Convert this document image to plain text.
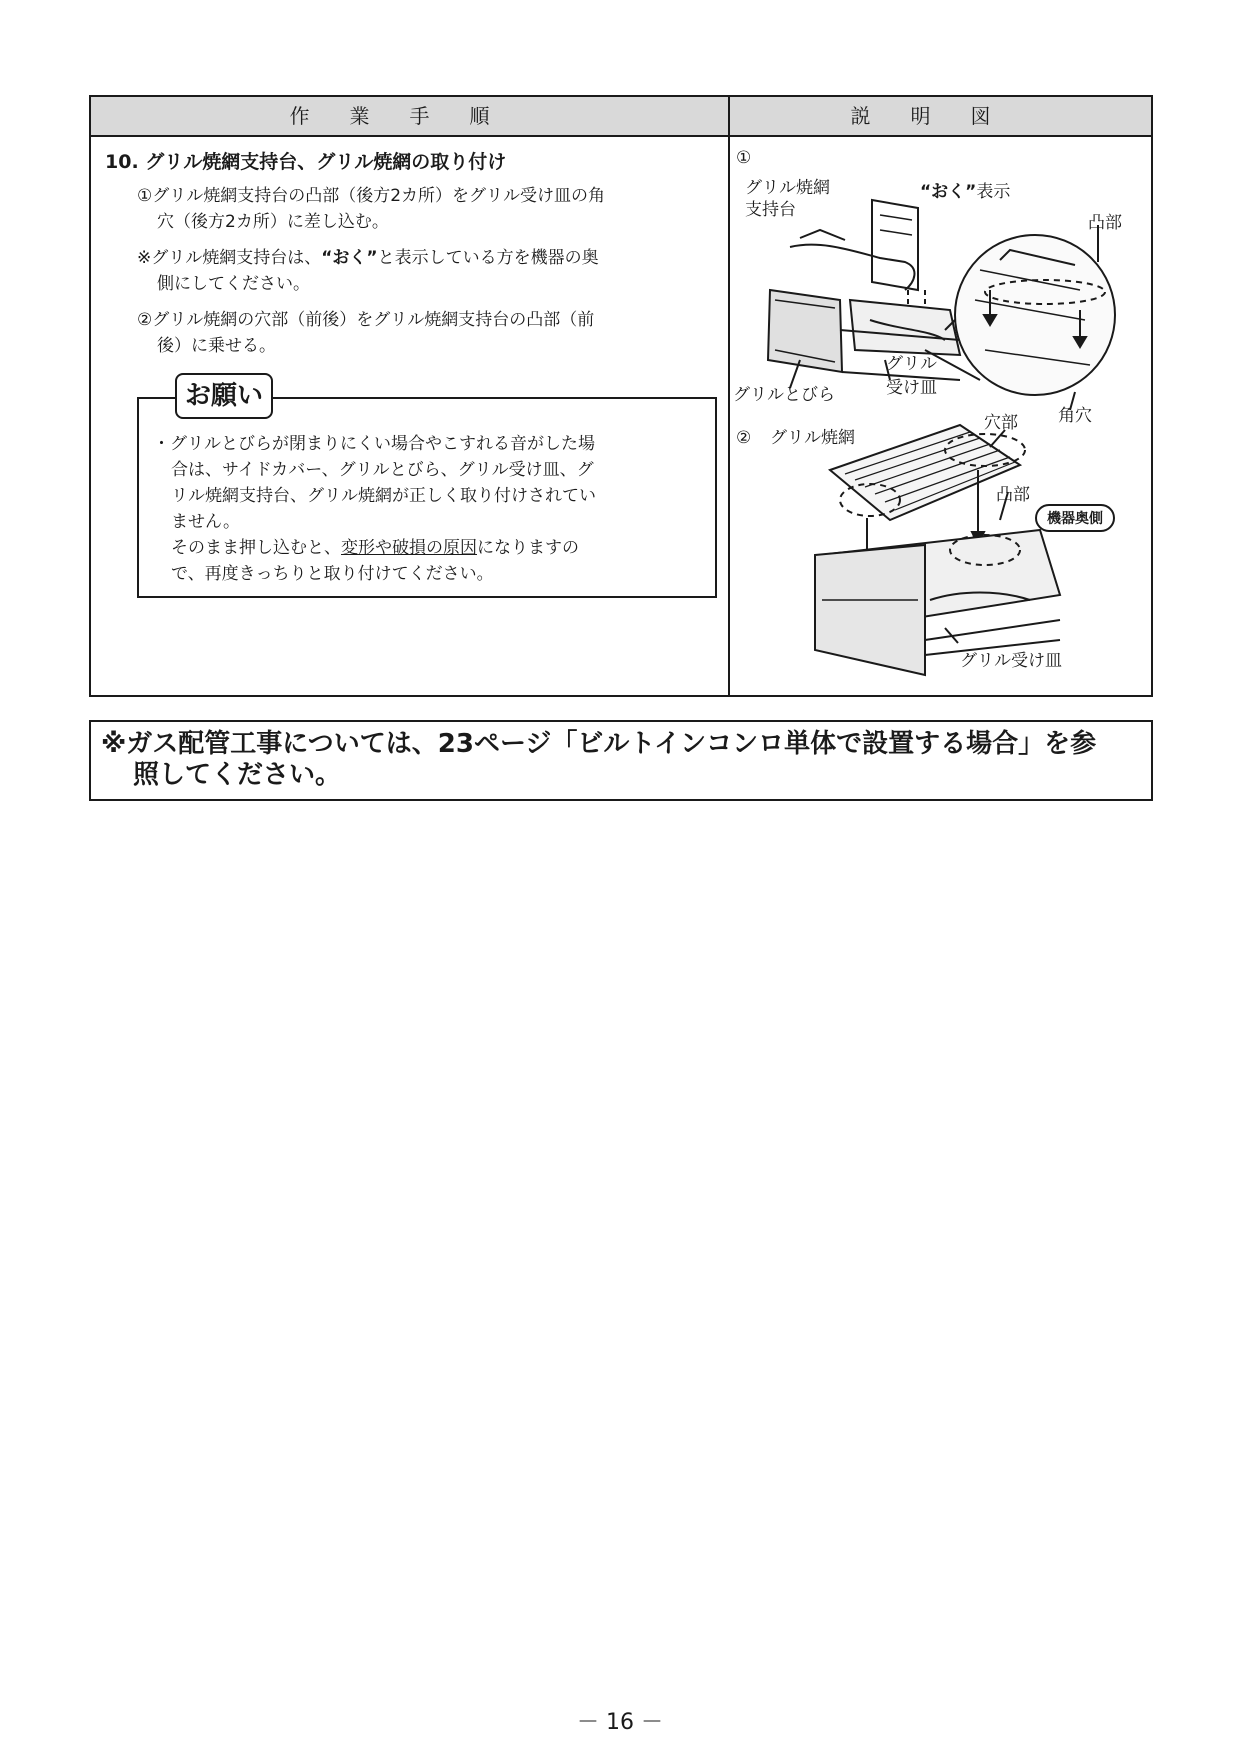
作業手順	説明図
10. グリル焼網支持台、グリル焼網の取り付け
①グリル焼網支持台の凸部（後方2カ所）をグリル受け皿の角
穴（後方2カ所）に差し込む。
※グリル焼網支持台は、“おく”と表示している方を機器の奥
側にしてください。
②グリル焼網の穴部（前後）をグリル焼網支持台の凸部（前
後）に乗せる。
お願い
・グリルとびらが閉まりにくい場合やこすれる音がした場
合は、サイドカバー、グリルとびら、グリル受け皿、グ
リル焼網支持台、グリル焼網が正しく取り付けされてい
ません。
そのまま押し込むと、変形や破損の原因になりますの
で、再度きっちりと取り付けてください。
①
グリル焼網
支持台
“おく”表示
凸部
グリル
受け皿
グリルとびら
角穴
② グリル焼網
穴部
凸部
機器奥側
グリル受け皿
※ガス配管工事については、23ページ「ビルトインコンロ単体で設置する場合」を参
照してください。
－ 16 －
